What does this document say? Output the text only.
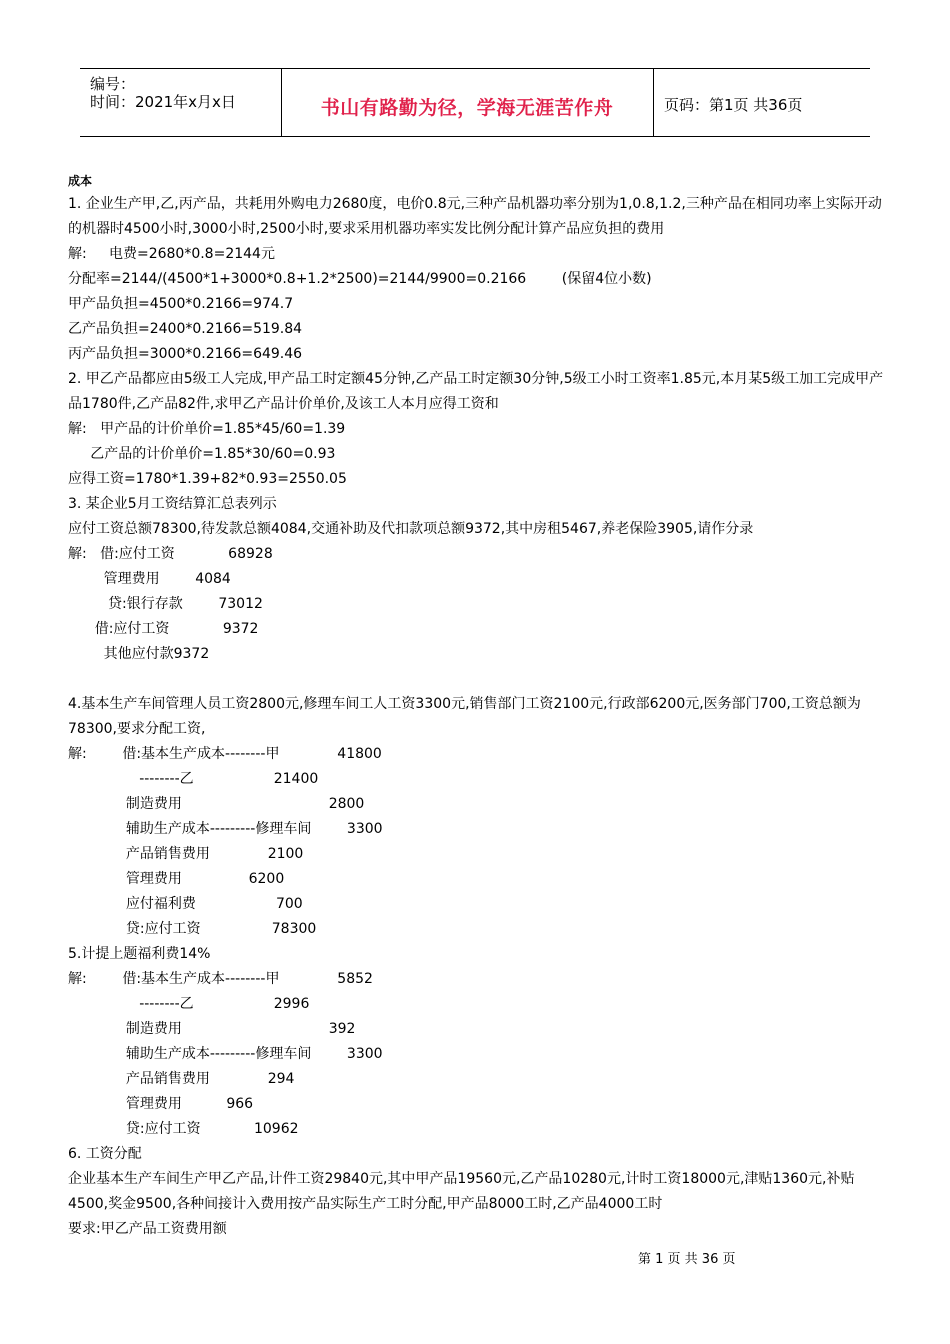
编号：
时间：2021年x月x日	书山有路勤为径，学海无涯苦作舟	页码：第1页 共36页
成本
1. 企业生产甲,乙,丙产品，共耗用外购电力2680度，电价0.8元,三种产品机器功率分别为1,0.8,1.2,三种产品在相同功率上实际开动的机器时4500小时,3000小时,2500小时,要求采用机器功率实发比例分配计算产品应负担的费用
解:     电费=2680*0.8=2144元
分配率=2144/(4500*1+3000*0.8+1.2*2500)=2144/9900=0.2166        (保留4位小数)
甲产品负担=4500*0.2166=974.7
乙产品负担=2400*0.2166=519.84
丙产品负担=3000*0.2166=649.46
2. 甲乙产品都应由5级工人完成,甲产品工时定额45分钟,乙产品工时定额30分钟,5级工小时工资率1.85元,本月某5级工加工完成甲产品1780件,乙产品82件,求甲乙产品计价单价,及该工人本月应得工资和
解:   甲产品的计价单价=1.85*45/60=1.39
乙产品的计价单价=1.85*30/60=0.93
应得工资=1780*1.39+82*0.93=2550.05
3. 某企业5月工资结算汇总表列示
应付工资总额78300,待发款总额4084,交通补助及代扣款项总额9372,其中房租5467,养老保险3905,请作分录
解:   借:应付工资            68928
管理费用        4084
贷:银行存款        73012
借:应付工资            9372
其他应付款9372
4.基本生产车间管理人员工资2800元,修理车间工人工资3300元,销售部门工资2100元,行政部6200元,医务部门700,工资总额为78300,要求分配工资,
解:        借:基本生产成本--------甲             41800
--------乙                  21400
制造费用                                 2800
辅助生产成本---------修理车间        3300
产品销售费用             2100
管理费用               6200
应付福利费                  700
贷:应付工资                78300
5.计提上题福利费14%
解:        借:基本生产成本--------甲             5852
--------乙                  2996
制造费用                                 392
辅助生产成本---------修理车间        3300
产品销售费用             294
管理费用          966
贷:应付工资            10962
6. 工资分配
企业基本生产车间生产甲乙产品,计件工资29840元,其中甲产品19560元,乙产品10280元,计时工资18000元,津贴1360元,补贴4500,奖金9500,各种间接计入费用按产品实际生产工时分配,甲产品8000工时,乙产品4000工时
要求:甲乙产品工资费用额
第 1 页 共 36 页
